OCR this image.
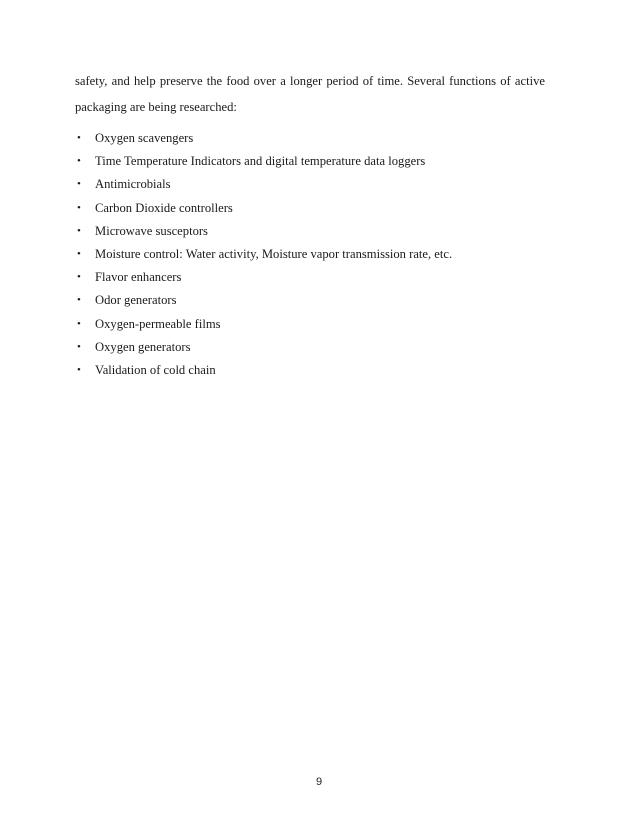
safety, and help preserve the food over a longer period of time. Several functions of active packaging are being researched:

•	Oxygen scavengers
•	Time Temperature Indicators and digital temperature data loggers
•	Antimicrobials
•	Carbon Dioxide controllers
•	Microwave susceptors
•	Moisture control: Water activity, Moisture vapor transmission rate, etc.
•	Flavor enhancers
•	Odor generators
•	Oxygen-permeable films
•	Oxygen generators
•	Validation of cold chain
9
